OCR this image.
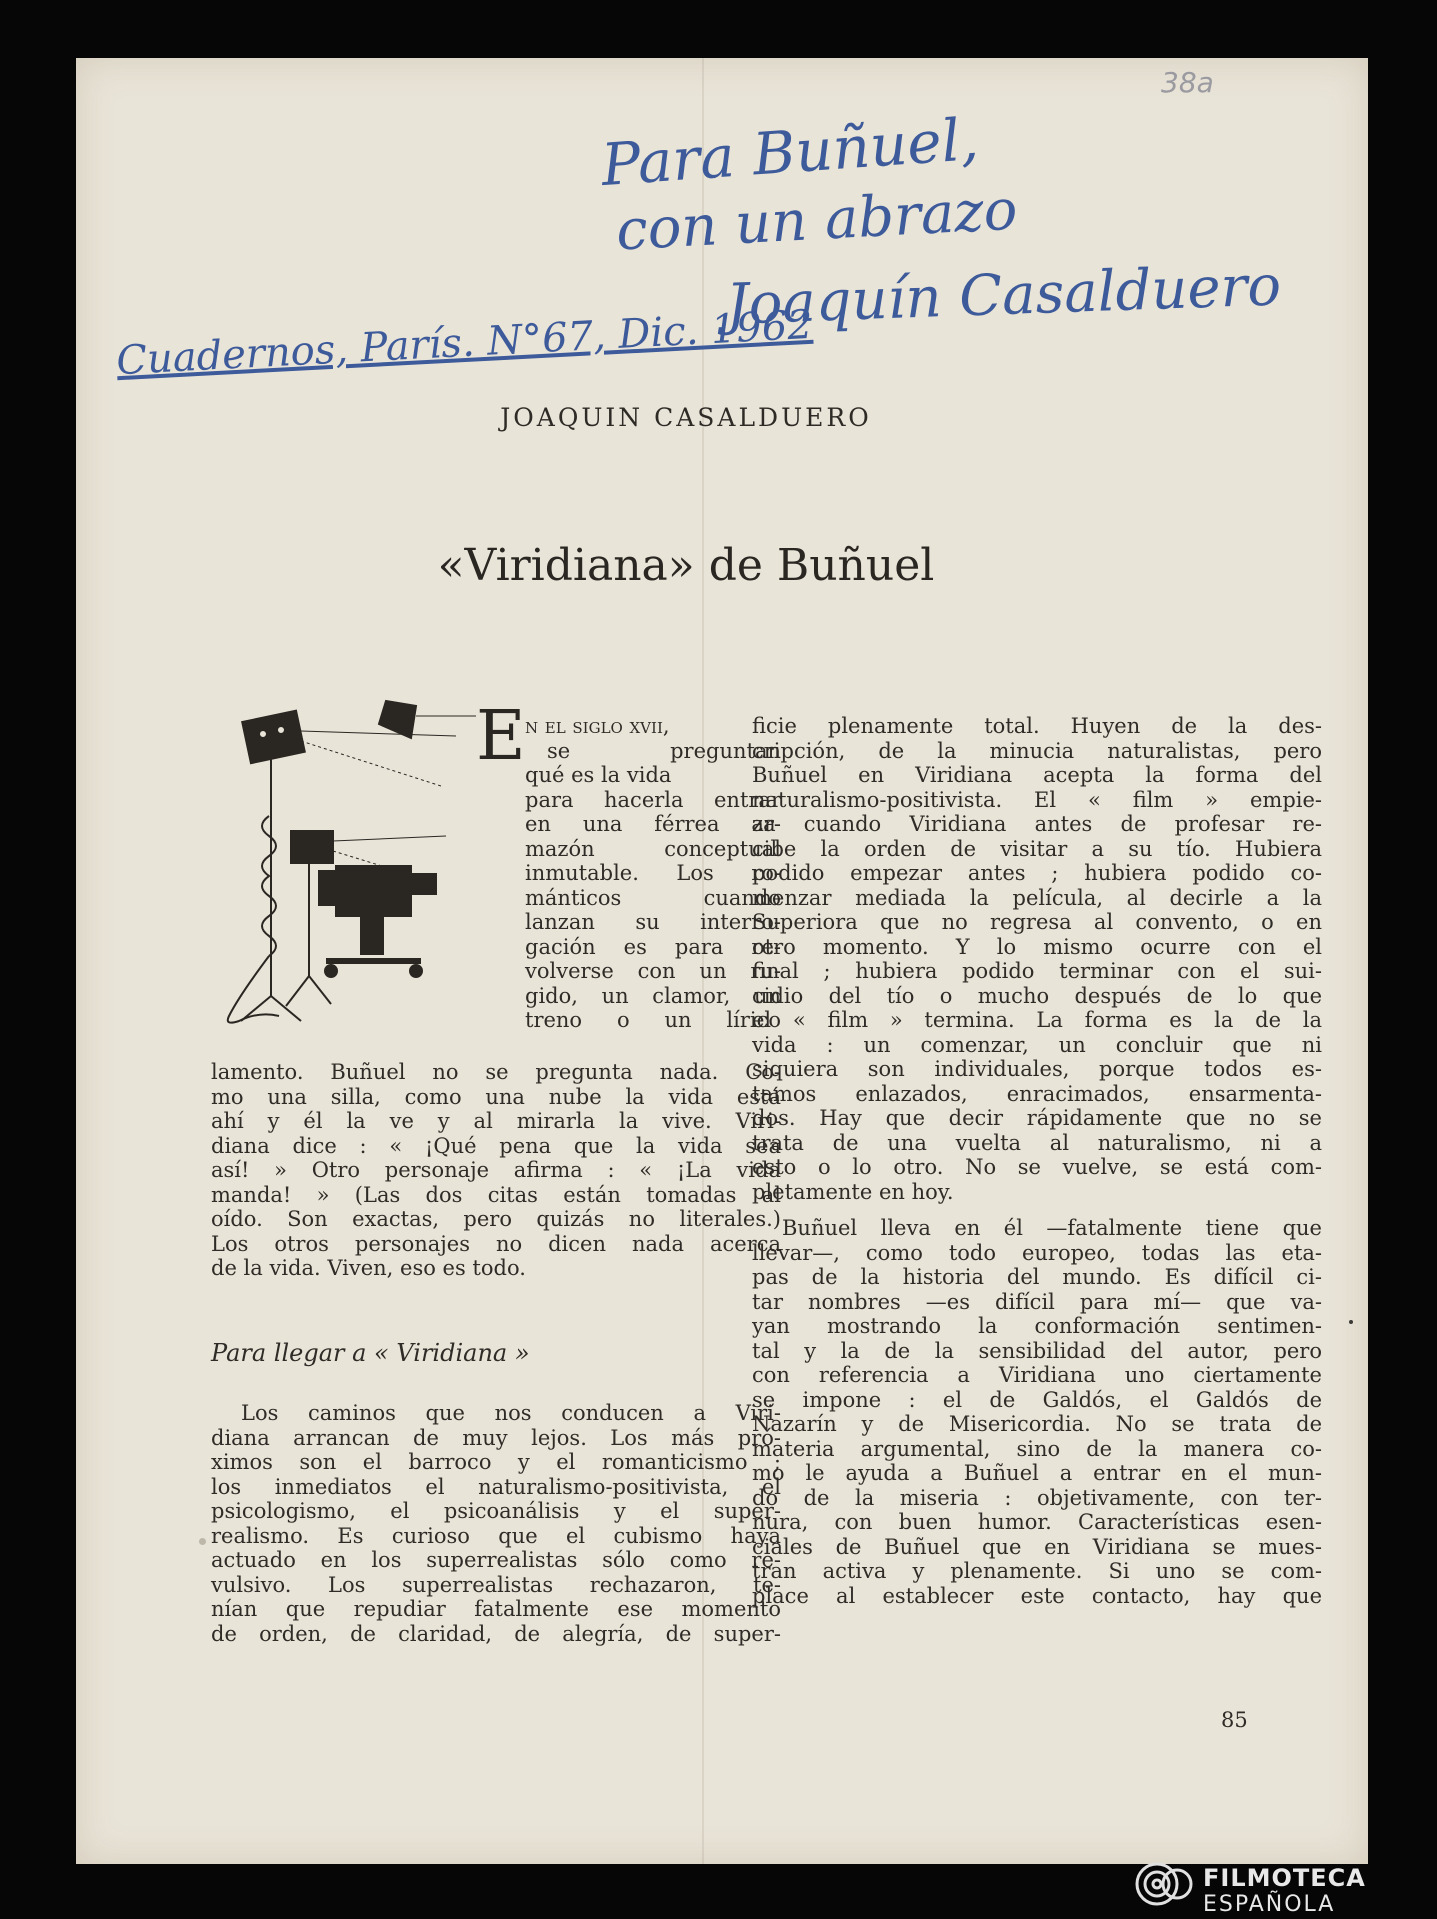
38a
Para Buñuel,
con un abrazo
Joaquín Casalduero
Cuadernos, París. N°67, Dic. 1962
JOAQUIN CASALDUERO
«Viridiana» de Buñuel
E n el siglo xvii,
se preguntan
qué es la vida
para hacerla entrar
en una férrea ar-
mazón conceptual
inmutable. Los ro-
mánticos cuando
lanzan su interro-
gación es para re-
volverse con un ru-
gido, un clamor, un
treno o un lírico
lamento. Buñuel no se pregunta nada. Co-
mo una silla, como una nube la vida está
ahí y él la ve y al mirarla la vive. Viri-
diana dice : « ¡Qué pena que la vida sea
así! » Otro personaje afirma : « ¡La vida
manda! » (Las dos citas están tomadas al
oído. Son exactas, pero quizás no literales.)
Los otros personajes no dicen nada acerca
de la vida. Viven, eso es todo.
Para llegar a « Viridiana »
Los caminos que nos conducen a Viri-
diana arrancan de muy lejos. Los más pró-
ximos son el barroco y el romanticismo ;
los inmediatos el naturalismo-positivista, el
psicologismo, el psicoanálisis y el super-
realismo. Es curioso que el cubismo haya
actuado en los superrealistas sólo como re-
vulsivo. Los superrealistas rechazaron, te-
nían que repudiar fatalmente ese momento
de orden, de claridad, de alegría, de super-
ficie plenamente total. Huyen de la des-
cripción, de la minucia naturalistas, pero
Buñuel en Viridiana acepta la forma del
naturalismo-positivista. El « film » empie-
za cuando Viridiana antes de profesar re-
cibe la orden de visitar a su tío. Hubiera
podido empezar antes ; hubiera podido co-
menzar mediada la película, al decirle a la
Superiora que no regresa al convento, o en
otro momento. Y lo mismo ocurre con el
final ; hubiera podido terminar con el sui-
cidio del tío o mucho después de lo que
el « film » termina. La forma es la de la
vida : un comenzar, un concluir que ni
siquiera son individuales, porque todos es-
tamos enlazados, enracimados, ensarmenta-
dos. Hay que decir rápidamente que no se
trata de una vuelta al naturalismo, ni a
esto o lo otro. No se vuelve, se está com-
pletamente en hoy.
Buñuel lleva en él —fatalmente tiene que
llevar—, como todo europeo, todas las eta-
pas de la historia del mundo. Es difícil ci-
tar nombres —es difícil para mí— que va-
yan mostrando la conformación sentimen-
tal y la de la sensibilidad del autor, pero
con referencia a Viridiana uno ciertamente
se impone : el de Galdós, el Galdós de
Nazarín y de Misericordia. No se trata de
materia argumental, sino de la manera co-
mo le ayuda a Buñuel a entrar en el mun-
do de la miseria : objetivamente, con ter-
nura, con buen humor. Características esen-
ciales de Buñuel que en Viridiana se mues-
tran activa y plenamente. Si uno se com-
place al establecer este contacto, hay que
85
FILMOTECA
ESPAÑOLA
